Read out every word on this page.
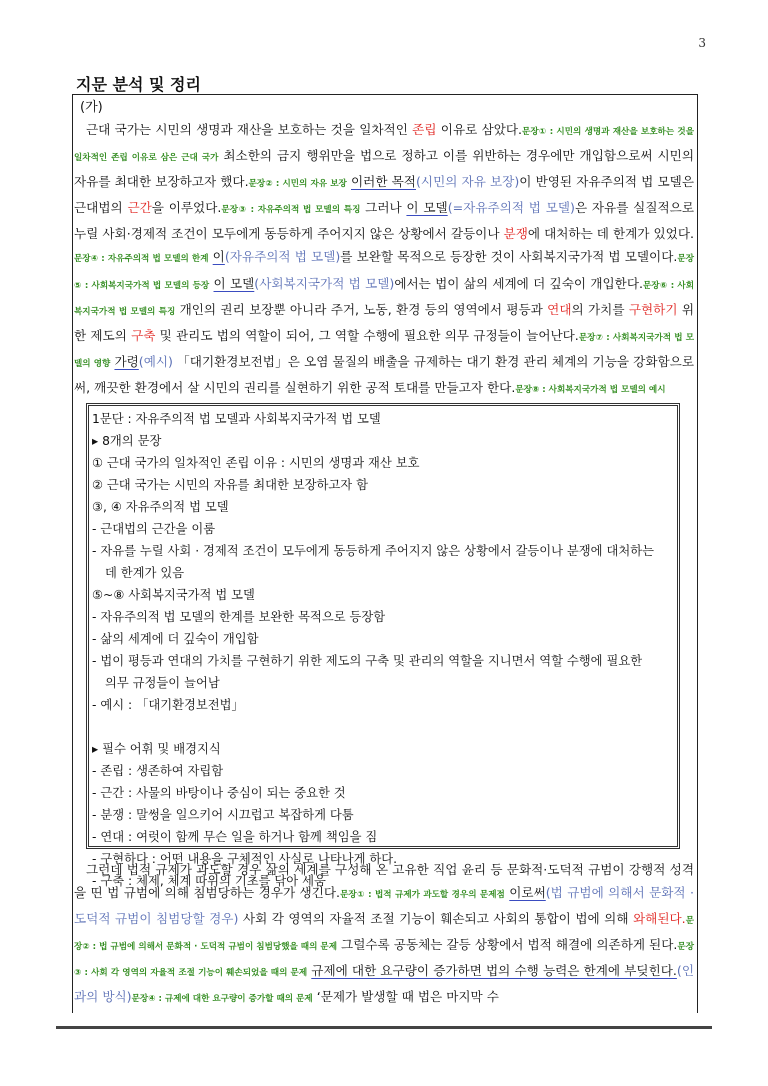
3
지문 분석 및 정리
(가)
근대 국가는 시민의 생명과 재산을 보호하는 것을 일차적인 존립 이유로 삼았다.문장① : 시민의 생명과 재산을 보호하는 것을 일차적인 존립 이유로 삼은 근대 국가 최소한의 금지 행위만을 법으로 정하고 이를 위반하는 경우에만 개입함으로써 시민의 자유를 최대한 보장하고자 했다.문장② : 시민의 자유 보장 이러한 목적(시민의 자유 보장)이 반영된 자유주의적 법 모델은 근대법의 근간을 이루었다.문장③ : 자유주의적 법 모델의 특징 그러나 이 모델(=자유주의적 법 모델)은 자유를 실질적으로 누릴 사회·경제적 조건이 모두에게 동등하게 주어지지 않은 상황에서 갈등이나 분쟁에 대처하는 데 한계가 있었다.문장④ : 자유주의적 법 모델의 한계 이(자유주의적 법 모델)를 보완할 목적으로 등장한 것이 사회복지국가적 법 모델이다.문장⑤ : 사회복지국가적 법 모델의 등장 이 모델(사회복지국가적 법 모델)에서는 법이 삶의 세계에 더 깊숙이 개입한다.문장⑥ : 사회복지국가적 법 모델의 특징 개인의 권리 보장뿐 아니라 주거, 노동, 환경 등의 영역에서 평등과 연대의 가치를 구현하기 위한 제도의 구축 및 관리도 법의 역할이 되어, 그 역할 수행에 필요한 의무 규정들이 늘어난다.문장⑦ : 사회복지국가적 법 모델의 영향 가령(예시) 「대기환경보전법」은 오염 물질의 배출을 규제하는 대기 환경 관리 체계의 기능을 강화함으로써, 깨끗한 환경에서 살 시민의 권리를 실현하기 위한 공적 토대를 만들고자 한다.문장⑧ : 사회복지국가적 법 모델의 예시
1문단 : 자유주의적 법 모델과 사회복지국가적 법 모델
▸ 8개의 문장
① 근대 국가의 일차적인 존립 이유 : 시민의 생명과 재산 보호
② 근대 국가는 시민의 자유를 최대한 보장하고자 함
③, ④ 자유주의적 법 모델
- 근대법의 근간을 이룸
- 자유를 누릴 사회 · 경제적 조건이 모두에게 동등하게 주어지지 않은 상황에서 갈등이나 분쟁에 대처하는
데 한계가 있음
⑤~⑧ 사회복지국가적 법 모델
- 자유주의적 법 모델의 한계를 보완한 목적으로 등장함
- 삶의 세계에 더 깊숙이 개입함
- 법이 평등과 연대의 가치를 구현하기 위한 제도의 구축 및 관리의 역할을 지니면서 역할 수행에 필요한
의무 규정들이 늘어남
- 예시 : 「대기환경보전법」
▸ 필수 어휘 및 배경지식
- 존립 : 생존하여 자립함
- 근간 : 사물의 바탕이나 중심이 되는 중요한 것
- 분쟁 : 말썽을 일으키어 시끄럽고 복잡하게 다툼
- 연대 : 여럿이 함께 무슨 일을 하거나 함께 책임을 짐
- 구현하다 : 어떤 내용을 구체적인 사실로 나타나게 하다.
- 구축 : 체제, 체계 따위의 기초를 닦아 세움
그런데 법적 규제가 과도할 경우 삶의 세계를 구성해 온 고유한 직업 윤리 등 문화적·도덕적 규범이 강행적 성격을 띤 법 규범에 의해 침범당하는 경우가 생긴다.문장① : 법적 규제가 과도할 경우의 문제점 이로써(법 규범에 의해서 문화적 · 도덕적 규범이 침범당할 경우) 사회 각 영역의 자율적 조절 기능이 훼손되고 사회의 통합이 법에 의해 와해된다.문장② : 법 규범에 의해서 문화적 · 도덕적 규범이 침범당했을 때의 문제 그럴수록 공동체는 갈등 상황에서 법적 해결에 의존하게 된다.문장③ : 사회 각 영역의 자율적 조절 기능이 훼손되었을 때의 문제 규제에 대한 요구량이 증가하면 법의 수행 능력은 한계에 부딪힌다.(인과의 방식)문장④ : 규제에 대한 요구량이 증가할 때의 문제 ‘문제가 발생할 때 법은 마지막 수
